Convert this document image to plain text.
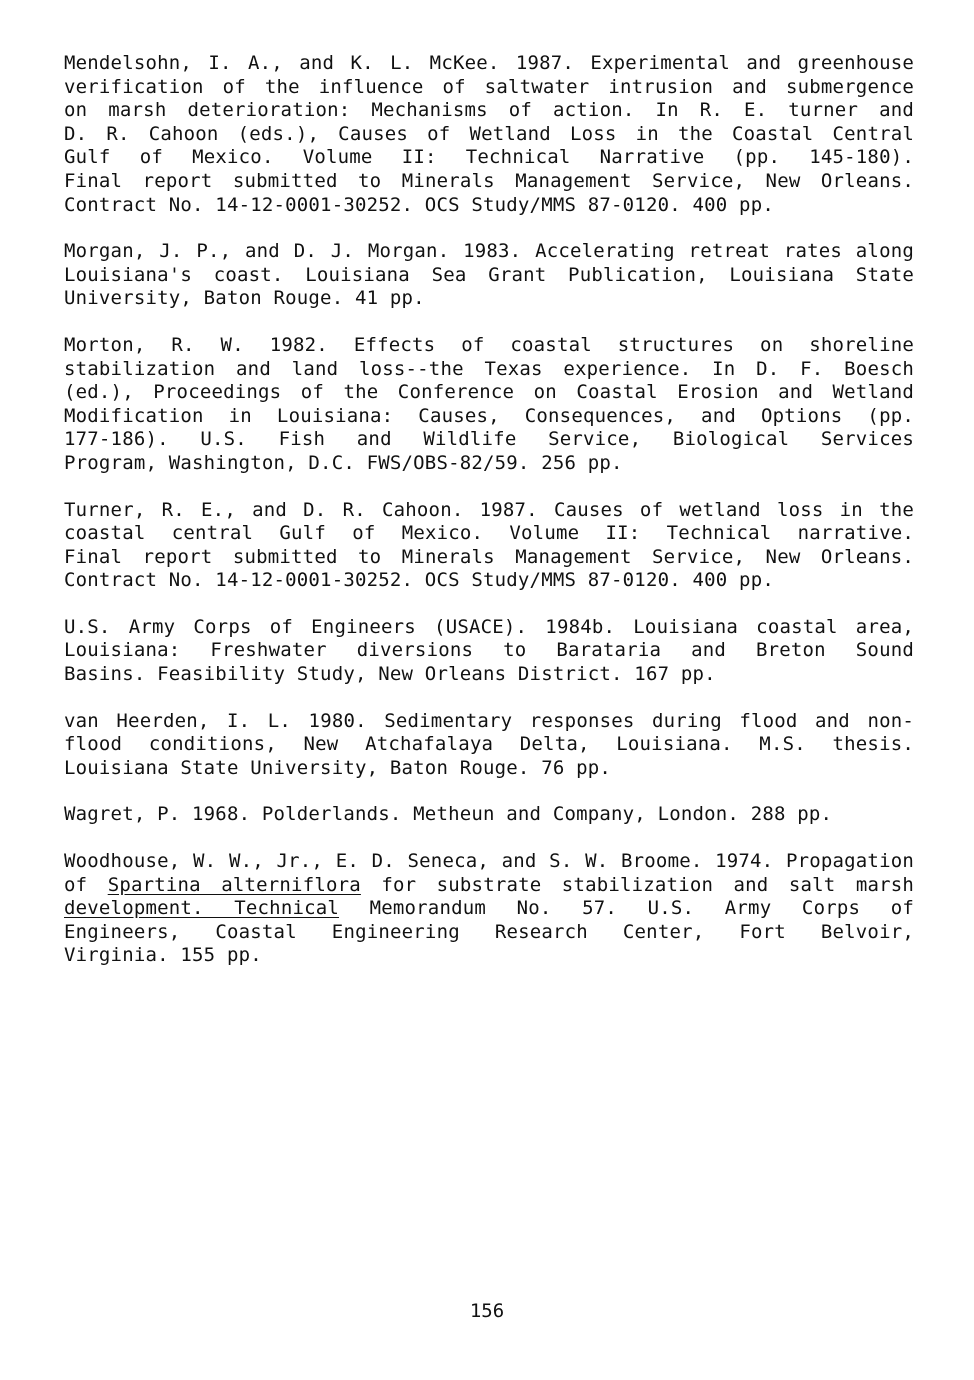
Mendelsohn, I. A., and K. L. McKee. 1987. Experimental and greenhouse
verification of the influence of saltwater intrusion and submergence
on marsh deterioration: Mechanisms of action. In R. E. turner and
D. R. Cahoon (eds.), Causes of Wetland Loss in the Coastal Central
Gulf of Mexico. Volume II: Technical Narrative (pp. 145-180).
Final report submitted to Minerals Management Service, New Orleans.
Contract No. 14-12-0001-30252. OCS Study/MMS 87-0120. 400 pp.
Morgan, J. P., and D. J. Morgan. 1983. Accelerating retreat rates along
Louisiana's coast. Louisiana Sea Grant Publication, Louisiana State
University, Baton Rouge. 41 pp.
Morton, R. W. 1982. Effects of coastal structures on shoreline
stabilization and land loss--the Texas experience. In D. F. Boesch
(ed.), Proceedings of the Conference on Coastal Erosion and Wetland
Modification in Louisiana: Causes, Consequences, and Options (pp.
177-186). U.S. Fish and Wildlife Service, Biological Services
Program, Washington, D.C. FWS/OBS-82/59. 256 pp.
Turner, R. E., and D. R. Cahoon. 1987. Causes of wetland loss in the
coastal central Gulf of Mexico. Volume II: Technical narrative.
Final report submitted to Minerals Management Service, New Orleans.
Contract No. 14-12-0001-30252. OCS Study/MMS 87-0120. 400 pp.
U.S. Army Corps of Engineers (USACE). 1984b. Louisiana coastal area,
Louisiana: Freshwater diversions to Barataria and Breton Sound
Basins. Feasibility Study, New Orleans District. 167 pp.
van Heerden, I. L. 1980. Sedimentary responses during flood and non-
flood conditions, New Atchafalaya Delta, Louisiana. M.S. thesis.
Louisiana State University, Baton Rouge. 76 pp.
Wagret, P. 1968. Polderlands. Metheun and Company, London. 288 pp.
Woodhouse, W. W., Jr., E. D. Seneca, and S. W. Broome. 1974. Propagation
of Spartina alterniflora for substrate stabilization and salt marsh
development. Technical Memorandum No. 57. U.S. Army Corps of
Engineers, Coastal Engineering Research Center, Fort Belvoir,
Virginia. 155 pp.
156
